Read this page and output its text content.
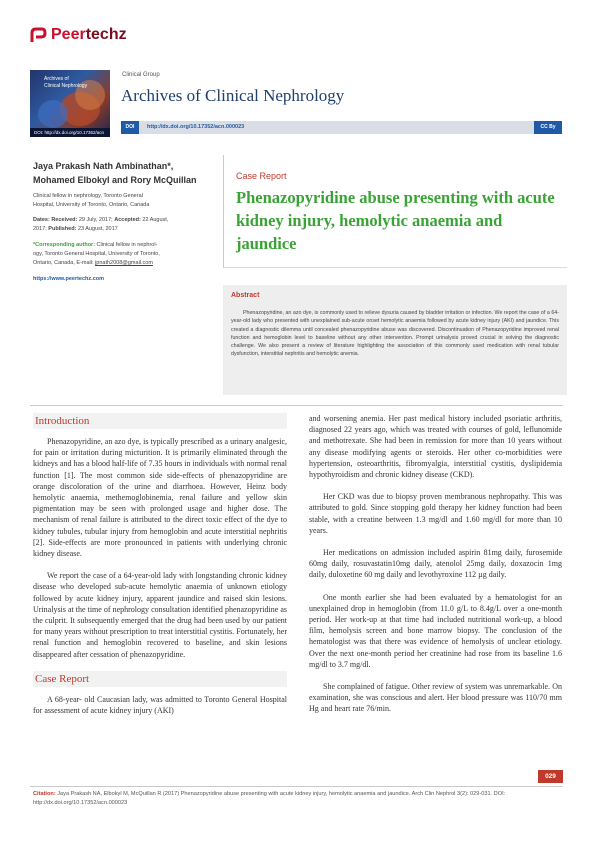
Peertechz
Archives of
Clinical Nephrology
DOI: http://dx.doi.org/10.17352/acn
Clinical Group
Archives of Clinical Nephrology
DOI	http://dx.doi.org/10.17352/acn.000023	CC By
Jaya Prakash Nath Ambinathan*,
Mohamed Elbokyl and Rory McQuillan
Clinical fellow in nephrology, Toronto General
Hospital, University of Toronto, Ontario, Canada
Dates: Received: 29 July, 2017; Accepted: 22 August,
2017; Published: 23 August, 2017
*Corresponding author: Clinical fellow in nephrol-
ogy, Toronto General Hospital, University of Toronto,
Ontario, Canada, E-mail: jpnath2008@gmail.com
https://www.peertechz.com
Case Report
Phenazopyridine abuse presenting with acute kidney injury, hemolytic anaemia and jaundice
Abstract
Phenazopyridine, an azo dye, is commonly used to relieve dysuria caused by bladder irritation or infection. We report the case of a 64-year-old lady who presented with unexplained sub-acute onset hemolytic anaemia followed by acute kidney injury (AKI) and jaundice. This created a diagnostic dilemma until concealed phenazopyridine abuse was discovered. Discontinuation of Phenazopyridine improved renal function and hemoglobin level to baseline without any other intervention. Prompt urinalysis proved crucial in solving the diagnostic challenge. We also present a review of literature highlighting the association of this commonly used medication with renal tubular dysfunction, interstitial nephritis and hemolytic anemia.
Introduction
Phenazopyridine, an azo dye, is typically prescribed as a urinary analgesic, for pain or irritation during micturition. It is primarily eliminated through the kidneys and has a blood half-life of 7.35 hours in individuals with normal renal function [1]. The most common side side-effects of phenazopyridine are orange discoloration of the urine and diarrhoea. However, Heinz body hemolytic anaemia, methemoglobinemia, renal failure and yellow skin pigmentation may be seen with prolonged usage and higher dose. The mechanism of renal failure is attributed to the direct toxic effect of the dye to kidney tubules, tubular injury from hemoglobin and acute interstitial nephritis [2]. Side-effects are more pronounced in patients with underlying chronic kidney disease.
We report the case of a 64-year-old lady with longstanding chronic kidney disease who developed sub-acute hemolytic anaemia of unknown etiology followed by acute kidney injury, apparent jaundice and raised skin lesions. Urinalysis at the time of nephrology consultation identified phenazopyridine as the culprit. It subsequently emerged that the drug had been used by our patient for many years without prescription to treat interstitial cystitis. Fortunately, her renal function and hemoglobin recovered to baseline, and skin lesions disappeared after cessation of phenazopyridine.
Case Report
A 68-year- old Caucasian lady, was admitted to Toronto General Hospital for assessment of acute kidney injury (AKI)
and worsening anemia. Her past medical history included psoriatic arthritis, diagnosed 22 years ago, which was treated with courses of gold, leflunomide and methotrexate. She had been in remission for more than 10 years without any disease modifying agents or steroids. Her other co-morbidities were hypertension, osteoarthritis, fibromyalgia, interstitial cystitis, dyslipidemia hypothyroidism and chronic kidney disease (CKD).
Her CKD was due to biopsy proven membranous nephropathy. This was attributed to gold. Since stopping gold therapy her kidney function had been stable, with a creatine between 1.3 mg/dl and 1.60 mg/dl for more than 10 years.
Her medications on admission included aspirin 81mg daily, furosemide 60mg daily, rosuvastatin10mg daily, atenolol 25mg daily, doxazocin 1mg daily, duloxetine 60 mg daily and levothyroxine 112 µg daily.
One month earlier she had been evaluated by a hematologist for an unexplained drop in hemoglobin (from 11.0 g/L to 8.4g/L over a one-month period. Her work-up at that time had included nutritional work-up, a blood film, hemolysis screen and bone marrow biopsy. The conclusion of the hematologist was that there was evidence of hemolysis of unclear etiology. Over the next one-month period her creatinine had rose from its baseline 1.6 mg/dl to 3.7 mg/dl.
She complained of fatigue. Other review of system was unremarkable. On examination, she was conscious and alert. Her blood pressure was 110/70 mm Hg and heart rate 76/min.
029
Citation: Jaya Prakash NA, Elbokyl M, McQuillan R (2017) Phenazopyridine abuse presenting with acute kidney injury, hemolytic anaemia and jaundice. Arch Clin Nephrol 3(2): 029-031. DOI: http://dx.doi.org/10.17352/acn.000023
